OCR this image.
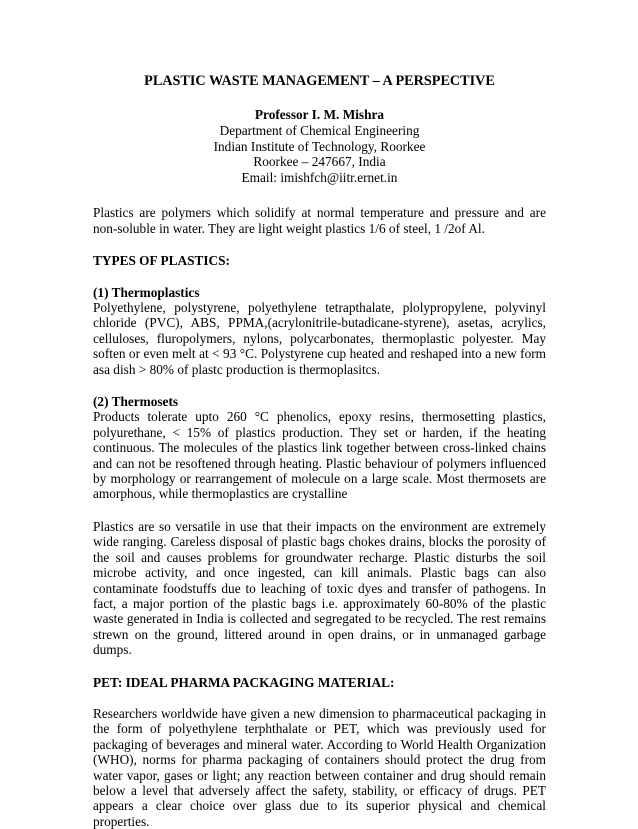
PLASTIC WASTE MANAGEMENT – A PERSPECTIVE
Professor I. M. Mishra
Department of Chemical Engineering
Indian Institute of Technology, Roorkee
Roorkee – 247667, India
Email: imishfch@iitr.ernet.in

Plastics are polymers which solidify at normal temperature and pressure and are non-soluble in water. They are light weight plastics 1/6 of steel, 1 /2of Al.

TYPES OF PLASTICS:
(1) Thermoplastics

Polyethylene, polystyrene, polyethylene tetrapthalate, plolypropylene, polyvinyl chloride (PVC), ABS, PPMA,(acrylonitrile-butadicane-styrene), asetas, acrylics, celluloses, fluropolymers, nylons, polycarbonates, thermoplastic polyester. May soften or even melt at < 93 °C. Polystyrene cup heated and reshaped into a new form asa dish > 80% of plastc production is thermoplasitcs.

(2) Thermosets

Products tolerate upto 260 °C phenolics, epoxy resins, thermosetting plastics, polyurethane, < 15% of plastics production. They set or harden, if the heating continuous. The molecules of the plastics link together between cross-linked chains and can not be resoftened through heating. Plastic behaviour of polymers influenced by morphology or rearrangement of molecule on a large scale. Most thermosets are amorphous, while thermoplastics are crystalline

Plastics are so versatile in use that their impacts on the environment are extremely wide ranging. Careless disposal of plastic bags chokes drains, blocks the porosity of the soil and causes problems for groundwater recharge. Plastic disturbs the soil microbe activity, and once ingested, can kill animals. Plastic bags can also contaminate foodstuffs due to leaching of toxic dyes and transfer of pathogens. In fact, a major portion of the plastic bags i.e. approximately 60-80% of the plastic waste generated in India is collected and segregated to be recycled. The rest remains strewn on the ground, littered around in open drains, or in unmanaged garbage dumps.

PET: IDEAL PHARMA PACKAGING MATERIAL:

Researchers worldwide have given a new dimension to pharmaceutical packaging in the form of polyethylene terphthalate or PET, which was previously used for packaging of beverages and mineral water. According to World Health Organization (WHO), norms for pharma packaging of containers should protect the drug from water vapor, gases or light; any reaction between container and drug should remain below a level that adversely affect the safety, stability, or efficacy of drugs. PET appears a clear choice over glass due to its superior physical and chemical properties.
